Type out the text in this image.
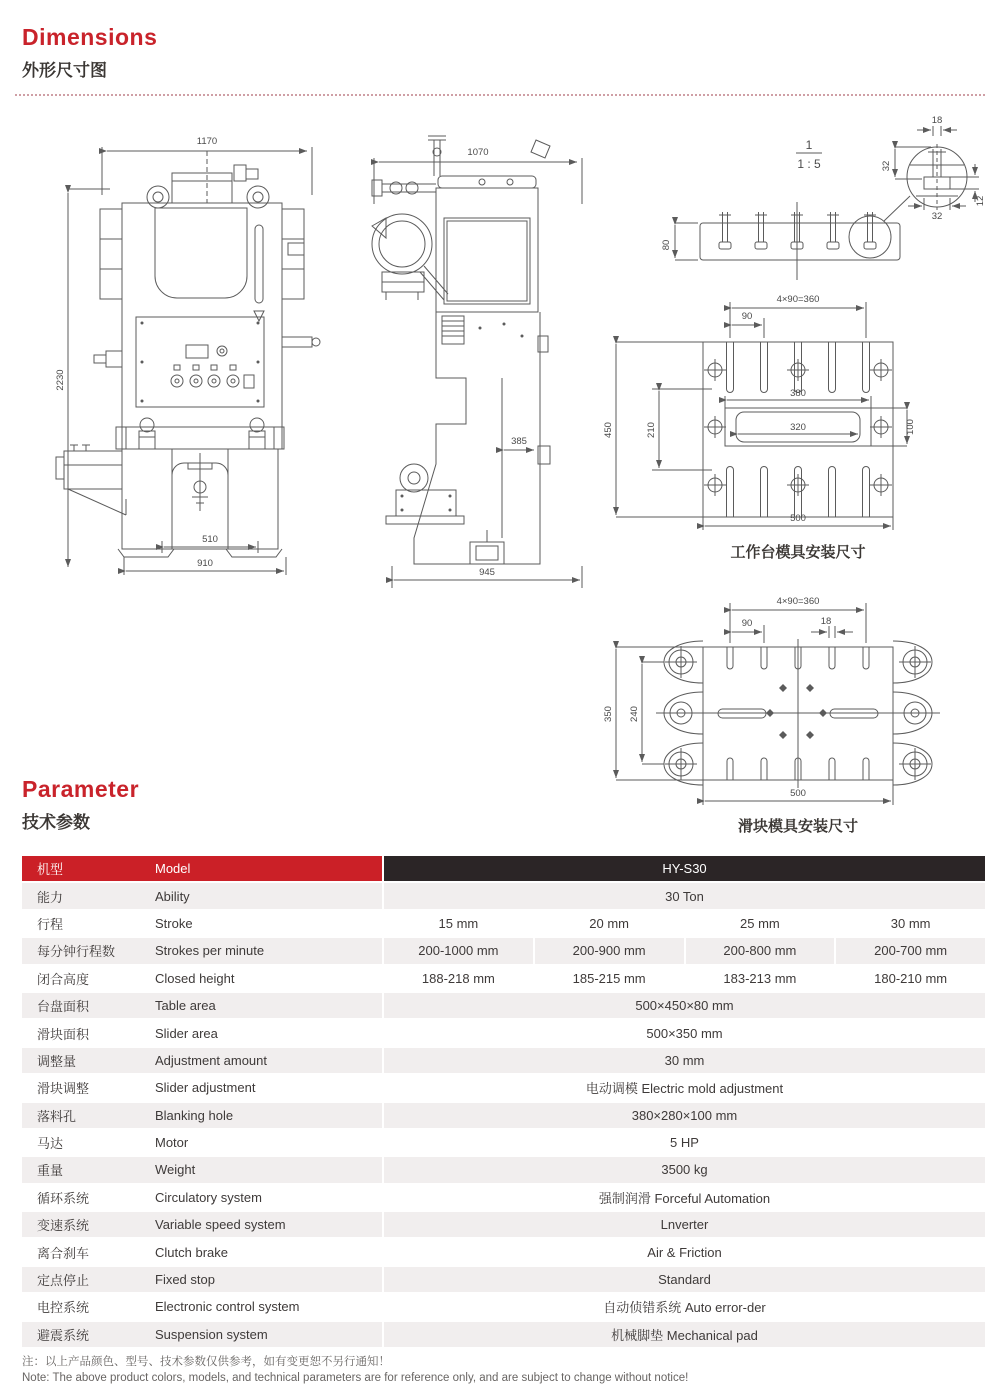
Dimensions
外形尺寸图
1170
2230
510
910
1070
385
945
1
1 : 5
18
32
32
12
80
4×90=360
90
450	210
380
320	100
500
工作台模具安装尺寸
4×90=360
90	18
350 240
500
滑块模具安装尺寸
Parameter
技术参数
机型	Model	HY-S30
能力	Ability	30 Ton
行程	Stroke	15 mm	20 mm	25 mm	30 mm
每分钟行程数	Strokes per minute	200-1000 mm	200-900 mm	200-800 mm	200-700 mm
闭合高度	Closed height	188-218 mm	185-215 mm	183-213 mm	180-210 mm
台盘面积	Table area	500×450×80 mm
滑块面积	Slider area	500×350 mm
调整量	Adjustment amount	30 mm
滑块调整	Slider adjustment	电动调模 Electric mold adjustment
落料孔	Blanking hole	380×280×100 mm
马达	Motor	5 HP
重量	Weight	3500 kg
循环系统	Circulatory system	强制润滑 Forceful Automation
变速系统	Variable speed system	Lnverter
离合刹车	Clutch brake	Air & Friction
定点停止	Fixed stop	Standard
电控系统	Electronic control system	自动侦错系统 Auto error-der
避震系统	Suspension system	机械脚垫 Mechanical pad
注：以上产品颜色、型号、技术参数仅供参考，如有变更恕不另行通知！
Note: The above product colors, models, and technical parameters are for reference only, and are subject to change without notice!
